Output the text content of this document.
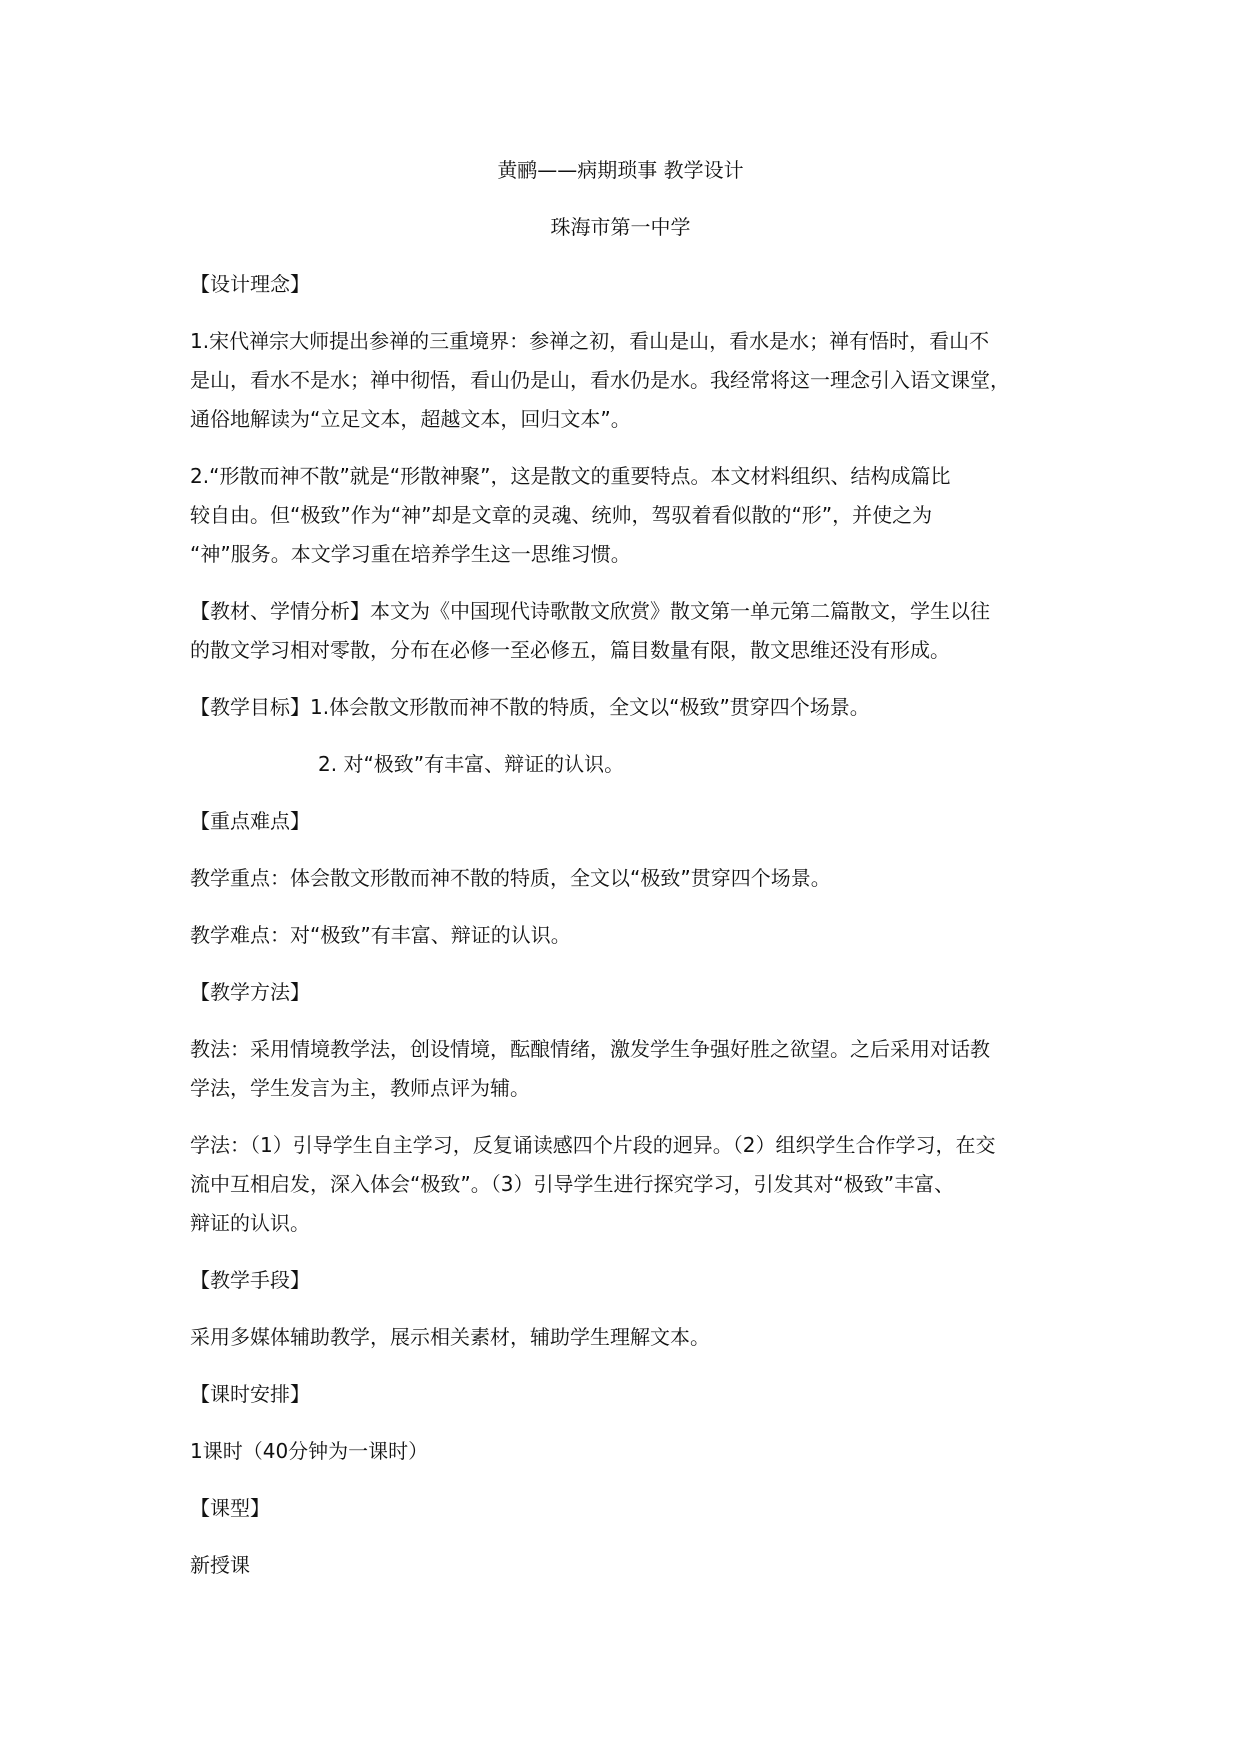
黄鹂——病期琐事 教学设计
珠海市第一中学
【设计理念】
1.宋代禅宗大师提出参禅的三重境界：参禅之初，看山是山，看水是水；禅有悟时，看山不
是山，看水不是水；禅中彻悟，看山仍是山，看水仍是水。我经常将这一理念引入语文课堂，
通俗地解读为“立足文本，超越文本，回归文本”。
2.“形散而神不散”就是“形散神聚”，这是散文的重要特点。本文材料组织、结构成篇比
较自由。但“极致”作为“神”却是文章的灵魂、统帅，驾驭着看似散的“形”，并使之为
“神”服务。本文学习重在培养学生这一思维习惯。
【教材、学情分析】本文为《中国现代诗歌散文欣赏》散文第一单元第二篇散文，学生以往
的散文学习相对零散，分布在必修一至必修五，篇目数量有限，散文思维还没有形成。
【教学目标】1.体会散文形散而神不散的特质，全文以“极致”贯穿四个场景。
2. 对“极致”有丰富、辩证的认识。
【重点难点】
教学重点：体会散文形散而神不散的特质，全文以“极致”贯穿四个场景。
教学难点：对“极致”有丰富、辩证的认识。
【教学方法】
教法：采用情境教学法，创设情境，酝酿情绪，激发学生争强好胜之欲望。之后采用对话教
学法，学生发言为主，教师点评为辅。
学法：（1）引导学生自主学习，反复诵读感四个片段的迥异。（2）组织学生合作学习，在交
流中互相启发，深入体会“极致”。（3）引导学生进行探究学习，引发其对“极致”丰富、
辩证的认识。
【教学手段】
采用多媒体辅助教学，展示相关素材，辅助学生理解文本。
【课时安排】
1课时（40分钟为一课时）
【课型】
新授课
